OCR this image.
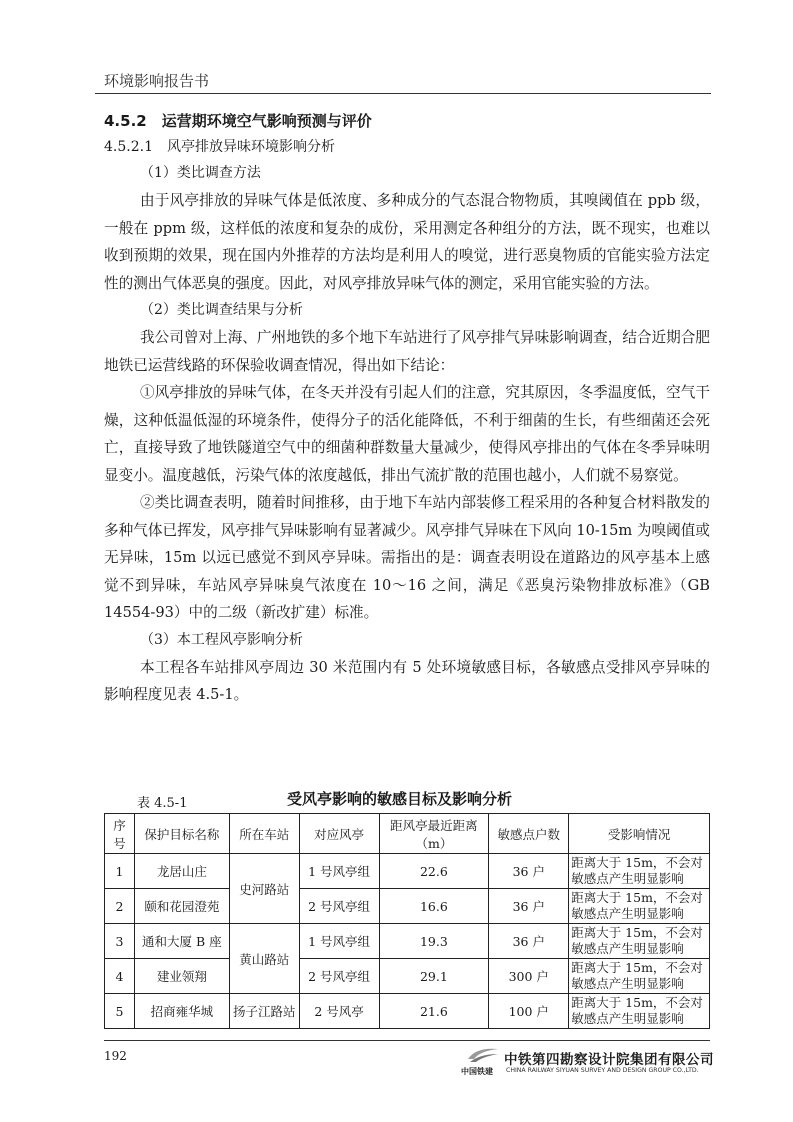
环境影响报告书

4.5.2　运营期环境空气影响预测与评价

4.5.2.1　风亭排放异味环境影响分析

（1）类比调查方法

由于风亭排放的异味气体是低浓度、多种成分的气态混合物物质，其嗅阈值在 ppb 级，一般在 ppm 级，这样低的浓度和复杂的成份，采用测定各种组分的方法，既不现实，也难以收到预期的效果，现在国内外推荐的方法均是利用人的嗅觉，进行恶臭物质的官能实验方法定性的测出气体恶臭的强度。因此，对风亭排放异味气体的测定，采用官能实验的方法。

（2）类比调查结果与分析

我公司曾对上海、广州地铁的多个地下车站进行了风亭排气异味影响调查，结合近期合肥地铁已运营线路的环保验收调查情况，得出如下结论：

①风亭排放的异味气体，在冬天并没有引起人们的注意，究其原因，冬季温度低，空气干燥，这种低温低湿的环境条件，使得分子的活化能降低，不利于细菌的生长，有些细菌还会死亡，直接导致了地铁隧道空气中的细菌种群数量大量减少，使得风亭排出的气体在冬季异味明显变小。温度越低，污染气体的浓度越低，排出气流扩散的范围也越小，人们就不易察觉。

②类比调查表明，随着时间推移，由于地下车站内部装修工程采用的各种复合材料散发的多种气体已挥发，风亭排气异味影响有显著减少。风亭排气异味在下风向 10-15m 为嗅阈值或无异味，15m 以远已感觉不到风亭异味。需指出的是：调查表明设在道路边的风亭基本上感觉不到异味，车站风亭异味臭气浓度在 10～16 之间，满足《恶臭污染物排放标准》（GB 14554-93）中的二级（新改扩建）标准。

（3）本工程风亭影响分析

本工程各车站排风亭周边 30 米范围内有 5 处环境敏感目标，各敏感点受排风亭异味的影响程度见表 4.5-1。

表 4.5-1	受风亭影响的敏感目标及影响分析
序号	保护目标名称	所在车站	对应风亭	距风亭最近距离（m）	敏感点户数	受影响情况
1	龙居山庄	史河路站	1 号风亭组	22.6	36 户	距离大于 15m，不会对敏感点产生明显影响
2	颐和花园澄苑		2 号风亭组	16.6	36 户	距离大于 15m，不会对敏感点产生明显影响
3	通和大厦 B 座	黄山路站	1 号风亭组	19.3	36 户	距离大于 15m，不会对敏感点产生明显影响
4	建业领翔		2 号风亭组	29.1	300 户	距离大于 15m，不会对敏感点产生明显影响
5	招商雍华城	扬子江路站	2 号风亭	21.6	100 户	距离大于 15m，不会对敏感点产生明显影响
192
中国铁建
中铁第四勘察设计院集团有限公司
CHINA RAILWAY SIYUAN SURVEY AND DESIGN GROUP CO.,LTD.
